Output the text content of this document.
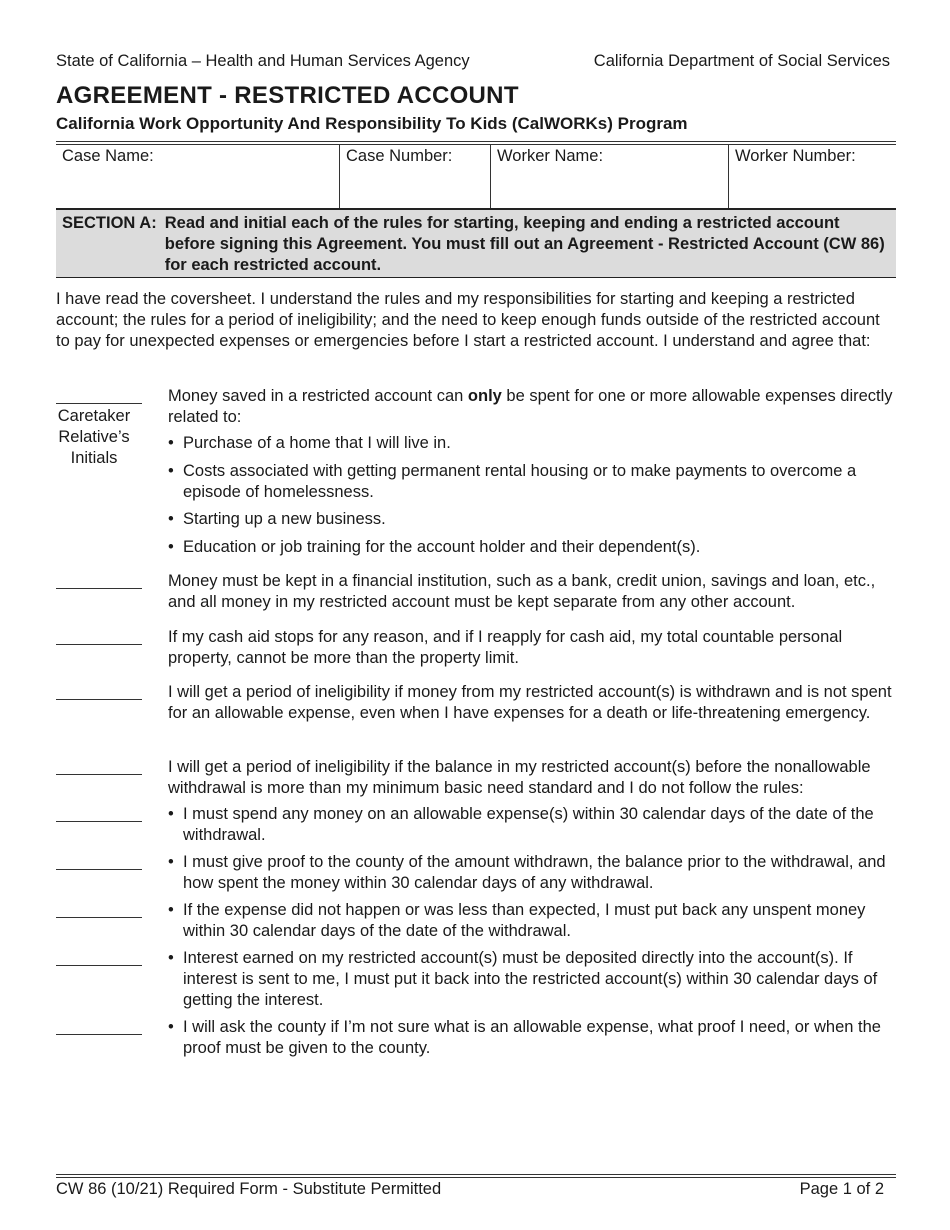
State of California – Health and Human Services Agency	California Department of Social Services
AGREEMENT - RESTRICTED ACCOUNT
California Work Opportunity And Responsibility To Kids (CalWORKs) Program
Case Name:	Case Number:	Worker Name:	Worker Number:
SECTION A: Read and initial each of the rules for starting, keeping and ending a restricted account before signing this Agreement. You must fill out an Agreement - Restricted Account (CW 86) for each restricted account.
I have read the coversheet. I understand the rules and my responsibilities for starting and keeping a restricted account; the rules for a period of ineligibility; and the need to keep enough funds outside of the restricted account to pay for unexpected expenses or emergencies before I start a restricted account. I understand and agree that:
Caretaker Relative’s Initials
Money saved in a restricted account can only be spent for one or more allowable expenses directly related to:
• Purchase of a home that I will live in.
• Costs associated with getting permanent rental housing or to make payments to overcome a episode of homelessness.
• Starting up a new business.
• Education or job training for the account holder and their dependent(s).
Money must be kept in a financial institution, such as a bank, credit union, savings and loan, etc., and all money in my restricted account must be kept separate from any other account.
If my cash aid stops for any reason, and if I reapply for cash aid, my total countable personal property, cannot be more than the property limit.
I will get a period of ineligibility if money from my restricted account(s) is withdrawn and is not spent for an allowable expense, even when I have expenses for a death or life-threatening emergency.
I will get a period of ineligibility if the balance in my restricted account(s) before the nonallowable withdrawal is more than my minimum basic need standard and I do not follow the rules:
• I must spend any money on an allowable expense(s) within 30 calendar days of the date of the withdrawal.
• I must give proof to the county of the amount withdrawn, the balance prior to the withdrawal, and how spent the money within 30 calendar days of any withdrawal.
• If the expense did not happen or was less than expected, I must put back any unspent money within 30 calendar days of the date of the withdrawal.
• Interest earned on my restricted account(s) must be deposited directly into the account(s). If interest is sent to me, I must put it back into the restricted account(s) within 30 calendar days of getting the interest.
• I will ask the county if I’m not sure what is an allowable expense, what proof I need, or when the proof must be given to the county.
CW 86 (10/21) Required Form - Substitute Permitted	Page 1 of 2
